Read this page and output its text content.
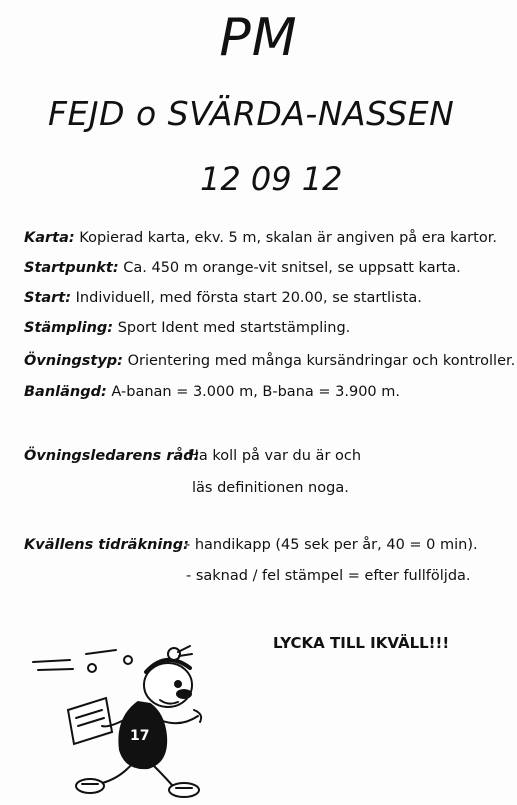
PM
FEJD o SVÄRDA-NASSEN
12 09 12
Karta: Kopierad karta, ekv. 5 m, skalan är angiven på era kartor.
Startpunkt: Ca. 450 m orange-vit snitsel, se uppsatt karta.
Start: Individuell, med första start 20.00, se startlista.
Stämpling: Sport Ident med startstämpling.
Övningstyp: Orientering med många kursändringar och kontroller.
Banlängd: A-banan = 3.000 m, B-bana = 3.900 m.
Övningsledarens råd:
Ha koll på var du är och
läs definitionen noga.
Kvällens tidräkning:
- handikapp (45 sek per år, 40 = 0 min).
- saknad / fel stämpel = efter fullföljda.
LYCKA TILL IKVÄLL!!!
17
